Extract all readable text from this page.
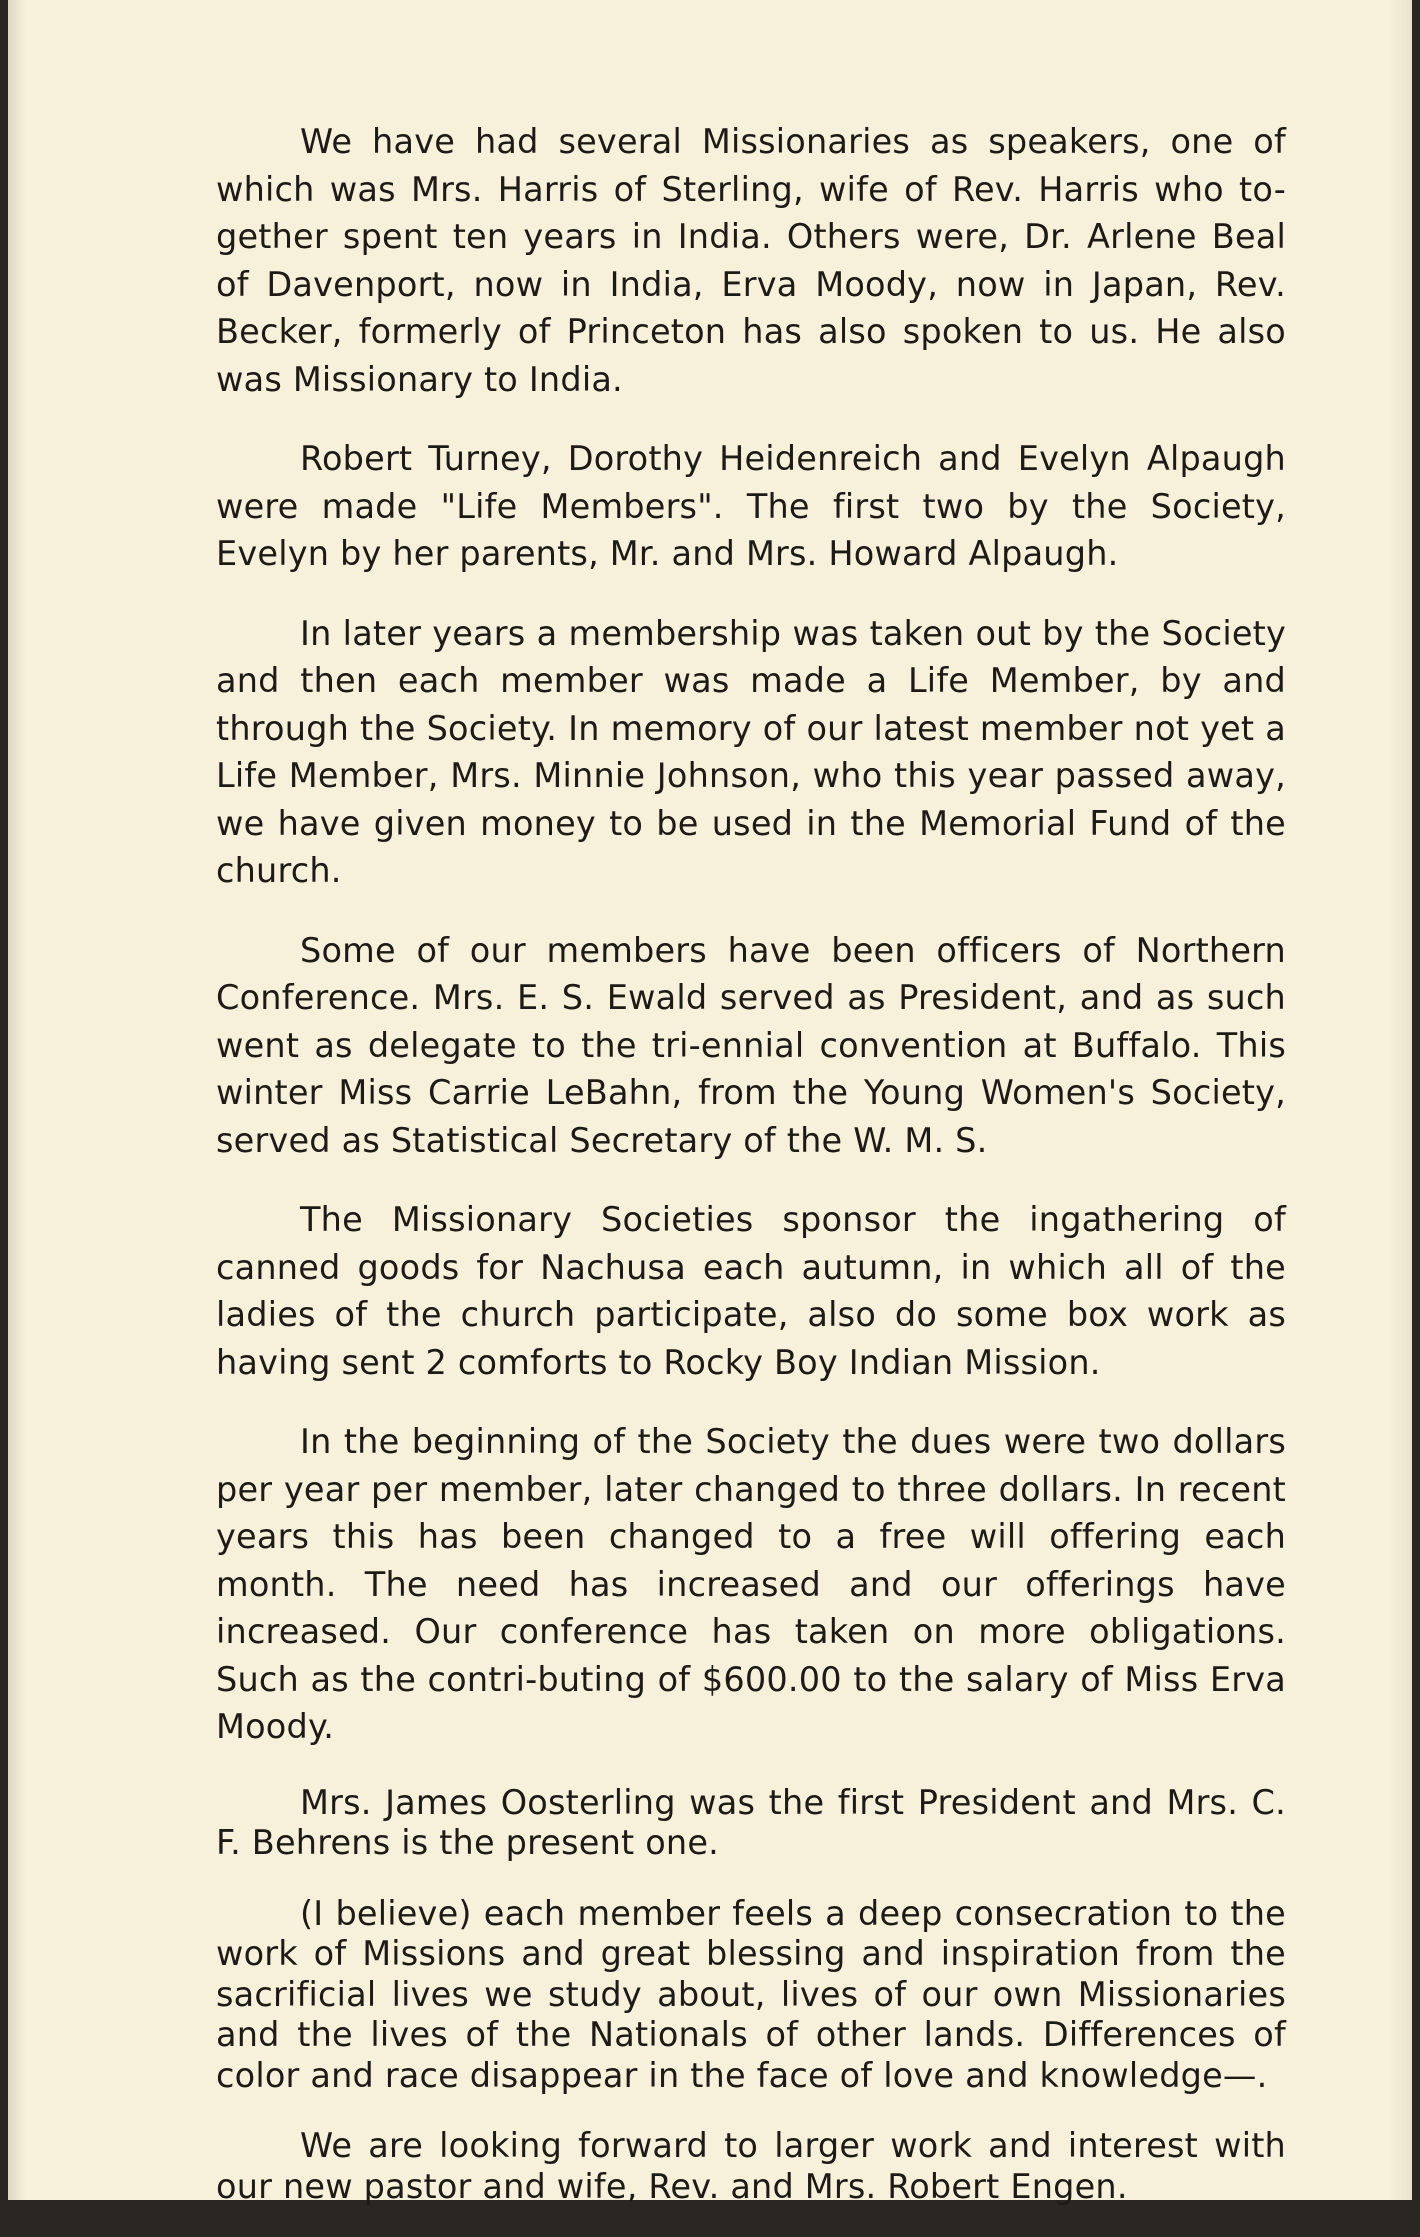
We have had several Missionaries as speakers, one of which was Mrs. Harris of Sterling, wife of Rev. Harris who to-gether spent ten years in India. Others were, Dr. Arlene Beal of Davenport, now in India, Erva Moody, now in Japan, Rev. Becker, formerly of Princeton has also spoken to us. He also was Missionary to India.

Robert Turney, Dorothy Heidenreich and Evelyn Alpaugh were made "Life Members". The first two by the Society, Evelyn by her parents, Mr. and Mrs. Howard Alpaugh.

In later years a membership was taken out by the Society and then each member was made a Life Member, by and through the Society. In memory of our latest member not yet a Life Member, Mrs. Minnie Johnson, who this year passed away, we have given money to be used in the Memorial Fund of the church.

Some of our members have been officers of Northern Conference. Mrs. E. S. Ewald served as President, and as such went as delegate to the tri-ennial convention at Buffalo. This winter Miss Carrie LeBahn, from the Young Women's Society, served as Statistical Secretary of the W. M. S.

The Missionary Societies sponsor the ingathering of canned goods for Nachusa each autumn, in which all of the ladies of the church participate, also do some box work as having sent 2 comforts to Rocky Boy Indian Mission.

In the beginning of the Society the dues were two dollars per year per member, later changed to three dollars. In recent years this has been changed to a free will offering each month. The need has increased and our offerings have increased. Our conference has taken on more obligations. Such as the contri-buting of $600.00 to the salary of Miss Erva Moody.

Mrs. James Oosterling was the first President and Mrs. C. F. Behrens is the present one.

(I believe) each member feels a deep consecration to the work of Missions and great blessing and inspiration from the sacrificial lives we study about, lives of our own Missionaries and the lives of the Nationals of other lands. Differences of color and race disappear in the face of love and knowledge—.

We are looking forward to larger work and interest with our new pastor and wife, Rev. and Mrs. Robert Engen.
